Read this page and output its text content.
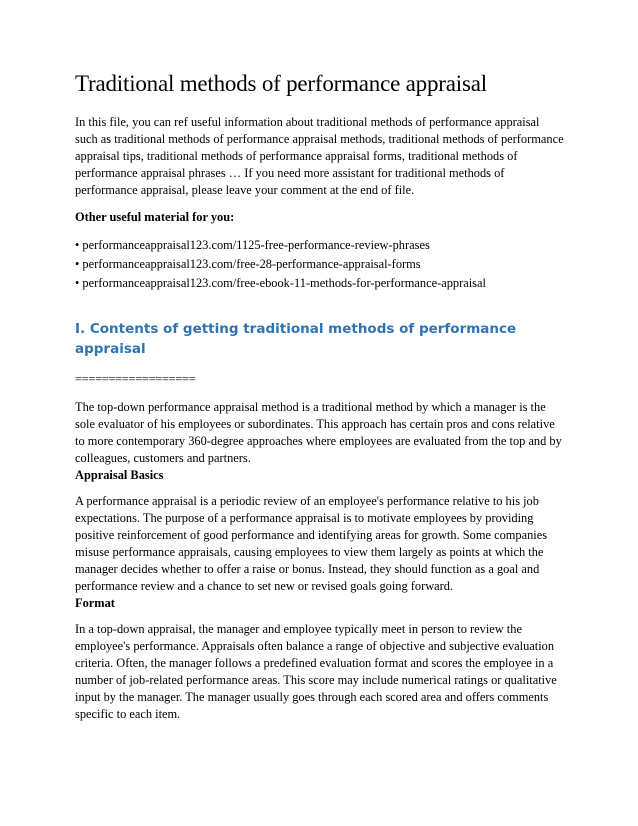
Traditional methods of performance appraisal

In this file, you can ref useful information about traditional methods of performance appraisal such as traditional methods of performance appraisal methods, traditional methods of performance appraisal tips, traditional methods of performance appraisal forms, traditional methods of performance appraisal phrases … If you need more assistant for traditional methods of performance appraisal, please leave your comment at the end of file.

Other useful material for you:

• performanceappraisal123.com/1125-free-performance-review-phrases
• performanceappraisal123.com/free-28-performance-appraisal-forms
• performanceappraisal123.com/free-ebook-11-methods-for-performance-appraisal

I. Contents of getting traditional methods of performance appraisal

==================

The top-down performance appraisal method is a traditional method by which a manager is the sole evaluator of his employees or subordinates. This approach has certain pros and cons relative to more contemporary 360-degree approaches where employees are evaluated from the top and by colleagues, customers and partners.

Appraisal Basics

A performance appraisal is a periodic review of an employee's performance relative to his job expectations. The purpose of a performance appraisal is to motivate employees by providing positive reinforcement of good performance and identifying areas for growth. Some companies misuse performance appraisals, causing employees to view them largely as points at which the manager decides whether to offer a raise or bonus. Instead, they should function as a goal and performance review and a chance to set new or revised goals going forward.

Format

In a top-down appraisal, the manager and employee typically meet in person to review the employee's performance. Appraisals often balance a range of objective and subjective evaluation criteria. Often, the manager follows a predefined evaluation format and scores the employee in a number of job-related performance areas. This score may include numerical ratings or qualitative input by the manager. The manager usually goes through each scored area and offers comments specific to each item.
